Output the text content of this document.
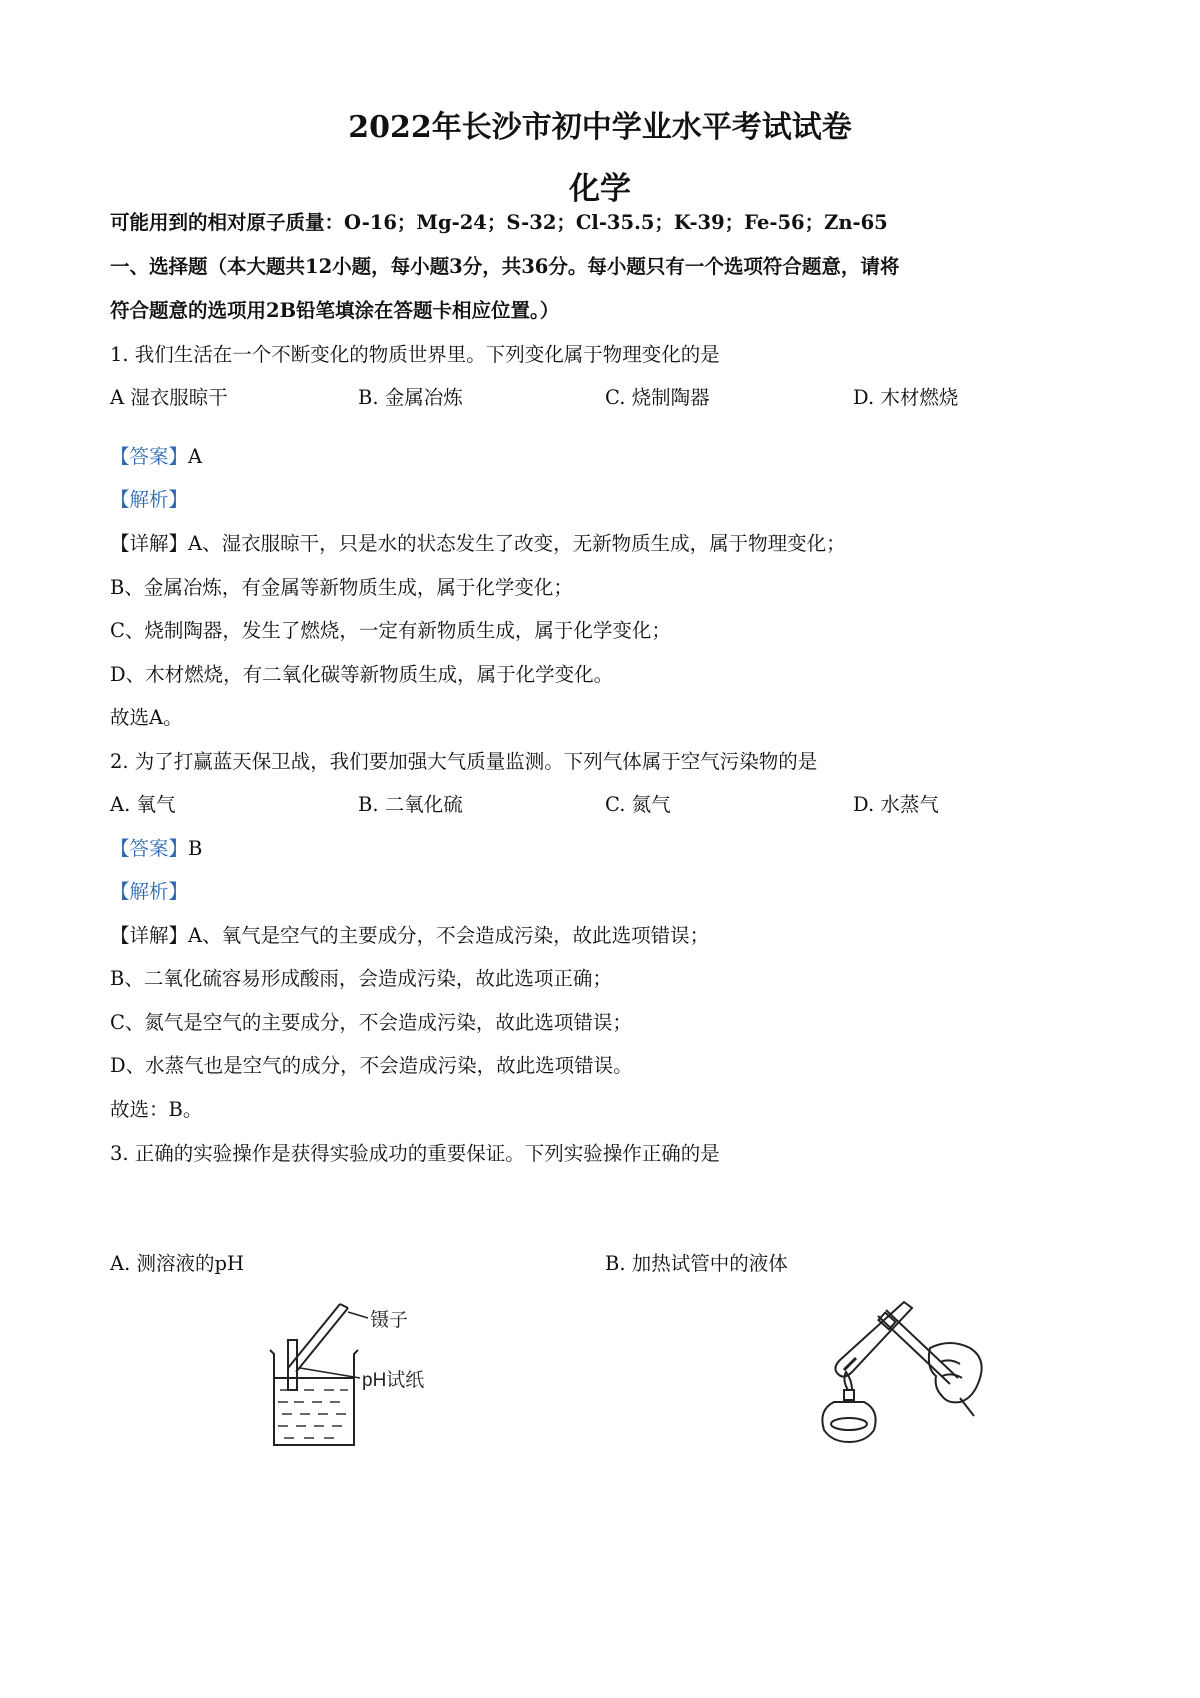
2022年长沙市初中学业水平考试试卷
化学
可能用到的相对原子质量：O-16；Mg-24；S-32；Cl-35.5；K-39；Fe-56；Zn-65
一、选择题（本大题共12小题，每小题3分，共36分。每小题只有一个选项符合题意，请将
符合题意的选项用2B铅笔填涂在答题卡相应位置。）
1. 我们生活在一个不断变化的物质世界里。下列变化属于物理变化的是
A 湿衣服晾干	B. 金属冶炼	C. 烧制陶器	D. 木材燃烧
【答案】A
【解析】
【详解】A、湿衣服晾干，只是水的状态发生了改变，无新物质生成，属于物理变化；
B、金属冶炼，有金属等新物质生成，属于化学变化；
C、烧制陶器，发生了燃烧，一定有新物质生成，属于化学变化；
D、木材燃烧，有二氧化碳等新物质生成，属于化学变化。
故选A。
2. 为了打赢蓝天保卫战，我们要加强大气质量监测。下列气体属于空气污染物的是
A. 氧气	B. 二氧化硫	C. 氮气	D. 水蒸气
【答案】B
【解析】
【详解】A、氧气是空气的主要成分，不会造成污染，故此选项错误；
B、二氧化硫容易形成酸雨，会造成污染，故此选项正确；
C、氮气是空气的主要成分，不会造成污染，故此选项错误；
D、水蒸气也是空气的成分，不会造成污染，故此选项错误。
故选：B。
3. 正确的实验操作是获得实验成功的重要保证。下列实验操作正确的是
A. 测溶液的pH	B. 加热试管中的液体
镊子
pH试纸
